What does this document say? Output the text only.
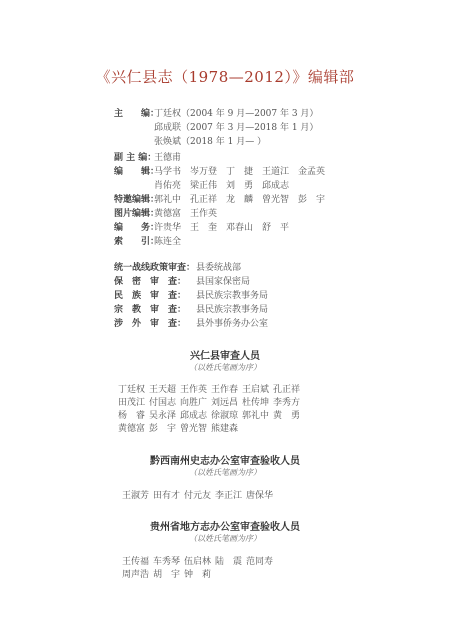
《兴仁县志（1978—2012）》编辑部
主　　编：
丁廷权（2004 年 9 月—2007 年 3 月）
邱成联（2007 年 3 月—2018 年 1 月）
张焕斌（2018 年 1 月— ）
副 主 编：
王德甫
编　　辑：
马学书　岑万登　丁　捷　王道江　金孟英
肖佑亮　梁正伟　刘　勇　邱成志
特邀编辑：
郭礼中　孔正祥　龙　麟　曾光智　彭　宇
图片编辑：
黄德富　王作英
编　　务：
许贵华　王　奎　邓春山　舒　平
索　　引：
陈连全
统一战线政策审查： 县委统战部
保　密　审　查： 县国家保密局
民　族　审　查： 县民族宗教事务局
宗　教　审　查： 县民族宗教事务局
涉　外　审　查： 县外事侨务办公室
兴仁县审查人员
（以姓氏笔画为序）
丁廷权 王天超 王作英 王作春 王启斌 孔正祥
田茂江 付国志 向胜广 刘远昌 杜传坤 李秀方
杨　睿 吴永泽 邱成志 徐淑琼 郭礼中 黄　勇
黄德富 彭　宇 曾光智 熊建森
黔西南州史志办公室审查验收人员
（以姓氏笔画为序）
王淑芳 田有才 付元友 李正江 唐保华
贵州省地方志办公室审查验收人员
（以姓氏笔画为序）
王传福 车秀琴 伍启林 陆　震 范同寿
周声浩 胡　宇 钟　莉
